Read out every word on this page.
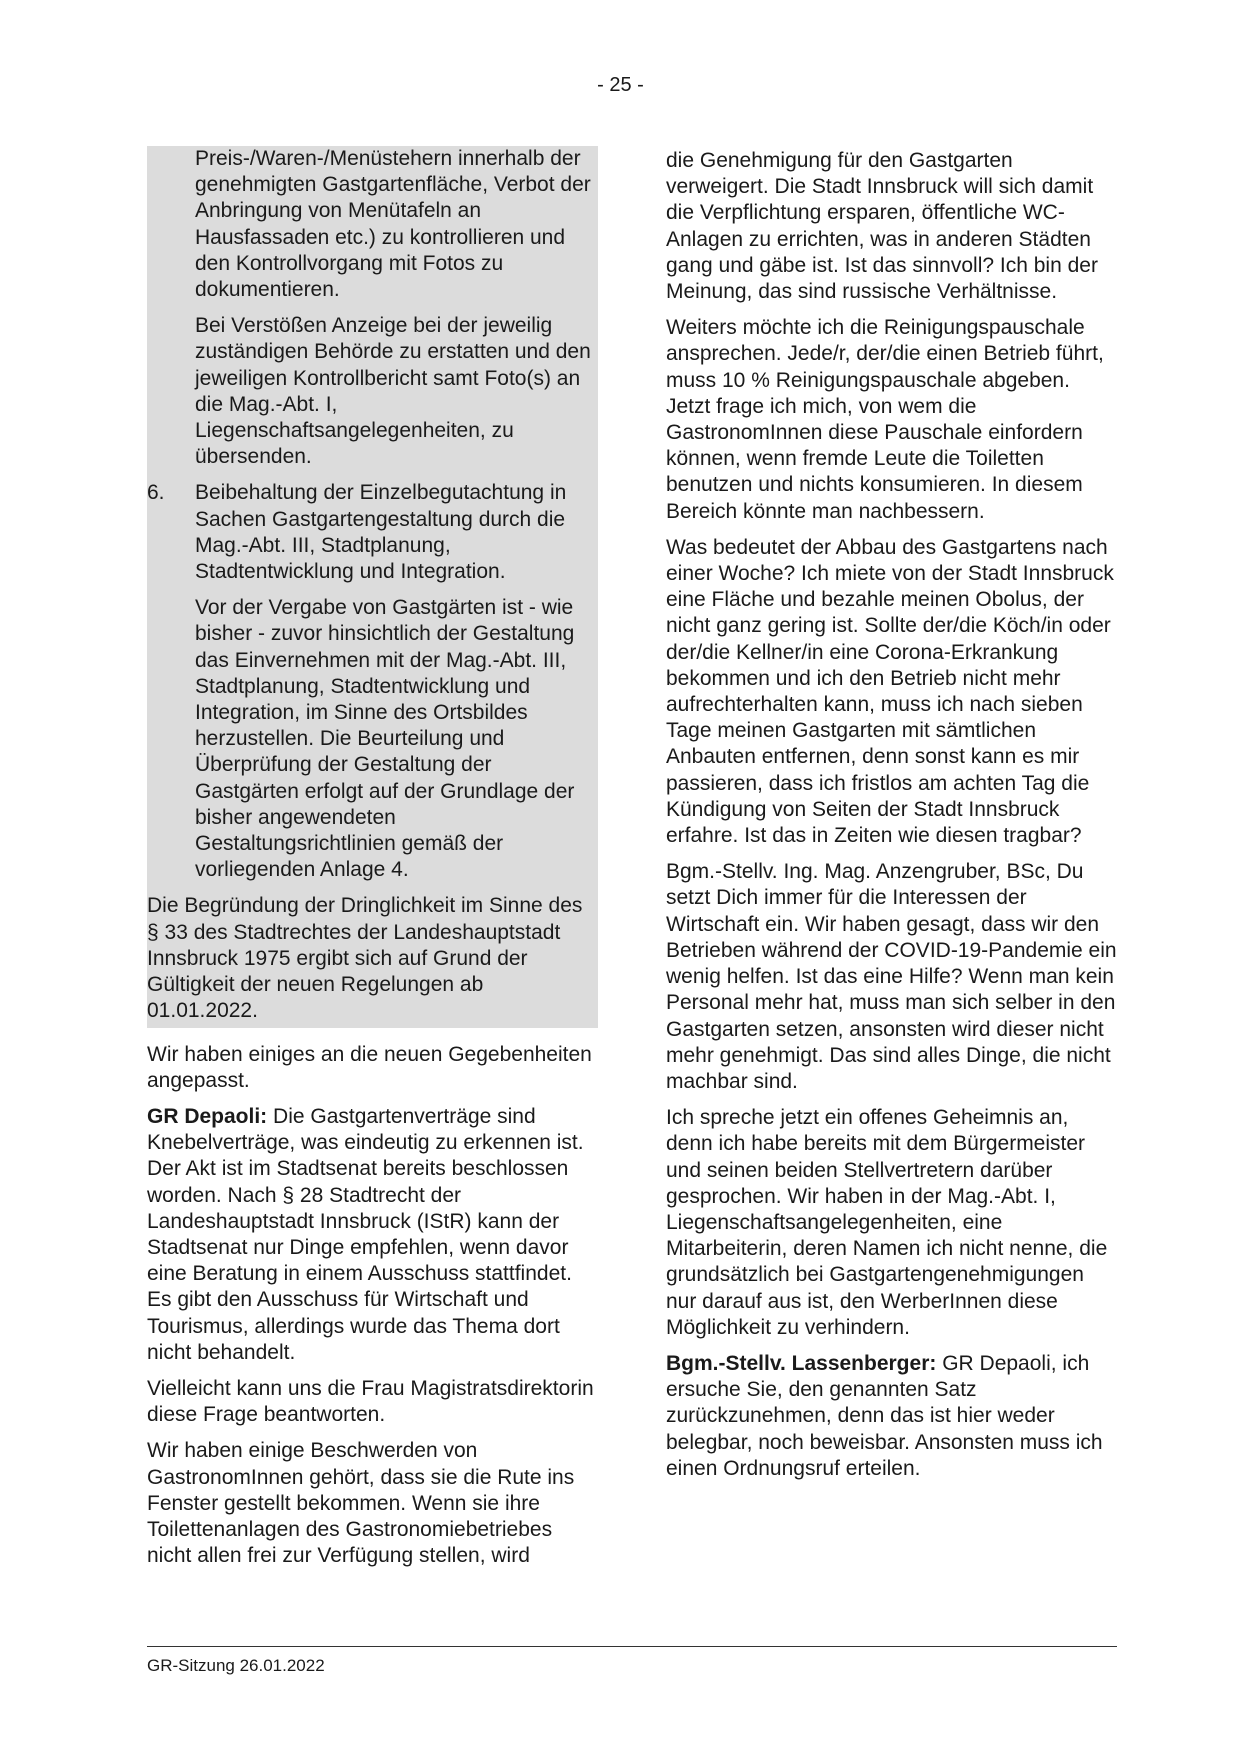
- 25 -

Preis-/Waren-/Menüstehern innerhalb der genehmigten Gastgartenfläche, Verbot der Anbringung von Menütafeln an Hausfassaden etc.) zu kontrollieren und den Kontrollvorgang mit Fotos zu dokumentieren.

Bei Verstößen Anzeige bei der jeweilig zuständigen Behörde zu erstatten und den jeweiligen Kontrollbericht samt Foto(s) an die Mag.-Abt. I, Liegenschaftsangelegenheiten, zu übersenden.

6.	Beibehaltung der Einzelbegutachtung in Sachen Gastgartengestaltung durch die Mag.-Abt. III, Stadtplanung, Stadtentwicklung und Integration.

Vor der Vergabe von Gastgärten ist - wie bisher - zuvor hinsichtlich der Gestaltung das Einvernehmen mit der Mag.-Abt. III, Stadtplanung, Stadtentwicklung und Integration, im Sinne des Ortsbildes herzustellen. Die Beurteilung und Überprüfung der Gestaltung der Gastgärten erfolgt auf der Grundlage der bisher angewendeten Gestaltungsrichtlinien gemäß der vorliegenden Anlage 4.

Die Begründung der Dringlichkeit im Sinne des § 33 des Stadtrechtes der Landeshauptstadt Innsbruck 1975 ergibt sich auf Grund der Gültigkeit der neuen Regelungen ab 01.01.2022.

Wir haben einiges an die neuen Gegebenheiten angepasst.

GR Depaoli: Die Gastgartenverträge sind Knebelverträge, was eindeutig zu erkennen ist. Der Akt ist im Stadtsenat bereits beschlossen worden. Nach § 28 Stadtrecht der Landeshauptstadt Innsbruck (IStR) kann der Stadtsenat nur Dinge empfehlen, wenn davor eine Beratung in einem Ausschuss stattfindet. Es gibt den Ausschuss für Wirtschaft und Tourismus, allerdings wurde das Thema dort nicht behandelt.

Vielleicht kann uns die Frau Magistratsdirektorin diese Frage beantworten.

Wir haben einige Beschwerden von GastronomInnen gehört, dass sie die Rute ins Fenster gestellt bekommen. Wenn sie ihre Toilettenanlagen des Gastronomiebetriebes nicht allen frei zur Verfügung stellen, wird

die Genehmigung für den Gastgarten verweigert. Die Stadt Innsbruck will sich damit die Verpflichtung ersparen, öffentliche WC-Anlagen zu errichten, was in anderen Städten gang und gäbe ist. Ist das sinnvoll? Ich bin der Meinung, das sind russische Verhältnisse.

Weiters möchte ich die Reinigungspauschale ansprechen. Jede/r, der/die einen Betrieb führt, muss 10 % Reinigungspauschale abgeben. Jetzt frage ich mich, von wem die GastronomInnen diese Pauschale einfordern können, wenn fremde Leute die Toiletten benutzen und nichts konsumieren. In diesem Bereich könnte man nachbessern.

Was bedeutet der Abbau des Gastgartens nach einer Woche? Ich miete von der Stadt Innsbruck eine Fläche und bezahle meinen Obolus, der nicht ganz gering ist. Sollte der/die Köch/in oder der/die Kellner/in eine Corona-Erkrankung bekommen und ich den Betrieb nicht mehr aufrechterhalten kann, muss ich nach sieben Tage meinen Gastgarten mit sämtlichen Anbauten entfernen, denn sonst kann es mir passieren, dass ich fristlos am achten Tag die Kündigung von Seiten der Stadt Innsbruck erfahre. Ist das in Zeiten wie diesen tragbar?

Bgm.-Stellv. Ing. Mag. Anzengruber, BSc, Du setzt Dich immer für die Interessen der Wirtschaft ein. Wir haben gesagt, dass wir den Betrieben während der COVID-19-Pandemie ein wenig helfen. Ist das eine Hilfe? Wenn man kein Personal mehr hat, muss man sich selber in den Gastgarten setzen, ansonsten wird dieser nicht mehr genehmigt. Das sind alles Dinge, die nicht machbar sind.

Ich spreche jetzt ein offenes Geheimnis an, denn ich habe bereits mit dem Bürgermeister und seinen beiden Stellvertretern darüber gesprochen. Wir haben in der Mag.-Abt. I, Liegenschaftsangelegenheiten, eine Mitarbeiterin, deren Namen ich nicht nenne, die grundsätzlich bei Gastgartengenehmigungen nur darauf aus ist, den WerberInnen diese Möglichkeit zu verhindern.

Bgm.-Stellv. Lassenberger: GR Depaoli, ich ersuche Sie, den genannten Satz zurückzunehmen, denn das ist hier weder belegbar, noch beweisbar. Ansonsten muss ich einen Ordnungsruf erteilen.

GR-Sitzung 26.01.2022
